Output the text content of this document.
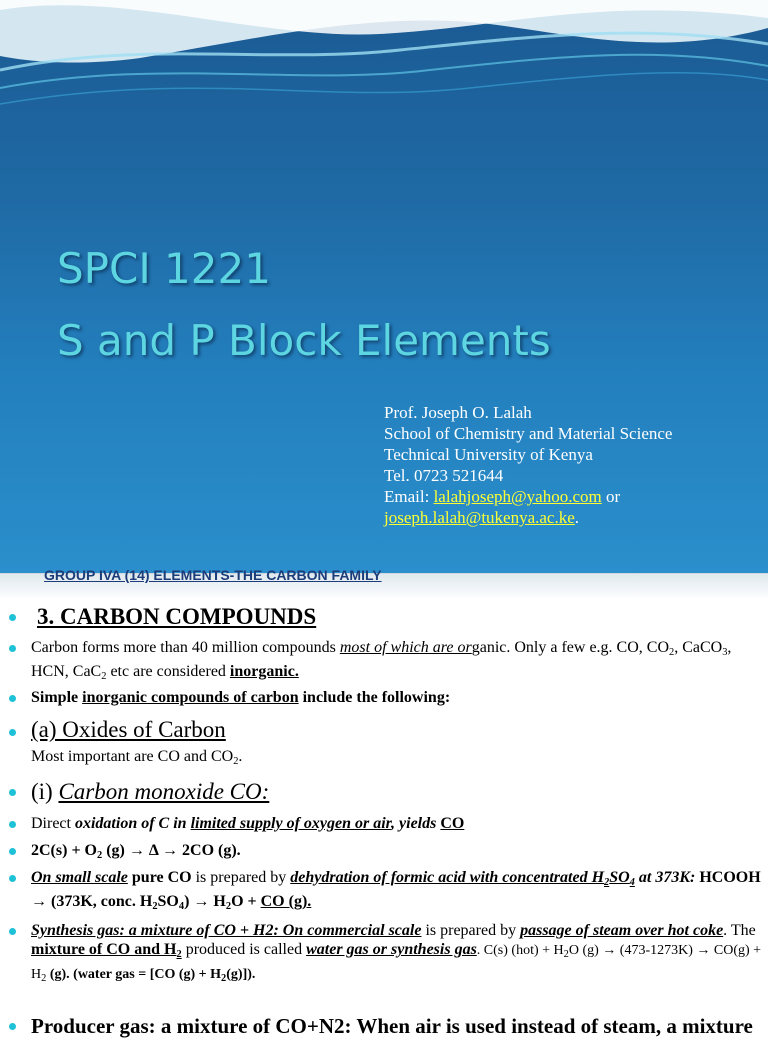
SPCI 1221
S and P Block Elements
Prof. Joseph O. Lalah
School of Chemistry and Material Science
Technical University of Kenya
Tel. 0723 521644
Email: lalahjoseph@yahoo.com or
joseph.lalah@tukenya.ac.ke.
GROUP IVA (14) ELEMENTS-THE CARBON FAMILY
3. CARBON COMPOUNDS
Carbon forms more than 40 million compounds most of which are organic. Only a few e.g. CO, $CO_2$, CaCO$_3$, HCN, CaC$_2$ etc are considered inorganic.
Simple inorganic compounds of carbon include the following:
(a) Oxides of Carbon
Most important are CO and $CO_2$.
(i) Carbon monoxide CO:
Direct oxidation of C in limited supply of oxygen or air, yields CO
$2C(s) + O_2$ (g) → Δ → 2CO (g).
On small scale pure CO is prepared by dehydration of formic acid with concentrated $H_2SO_4$ at 373K: HCOOH → (373K, conc. $H_2SO_4) \to H_2O$ + CO (g).
Synthesis gas: a mixture of CO + H2: On commercial scale is prepared by passage of steam over hot coke. The mixture of CO and $H_2$ produced is called water gas or synthesis gas. C(s) $(hot) + H_2O$ $(g) \to (473-1273K) \to CO(g) + H_2$ (g). (water gas = [CO $(g) + H_2(g)$]).
Producer gas: a mixture of CO+N2: When air is used instead of steam, a mixture
